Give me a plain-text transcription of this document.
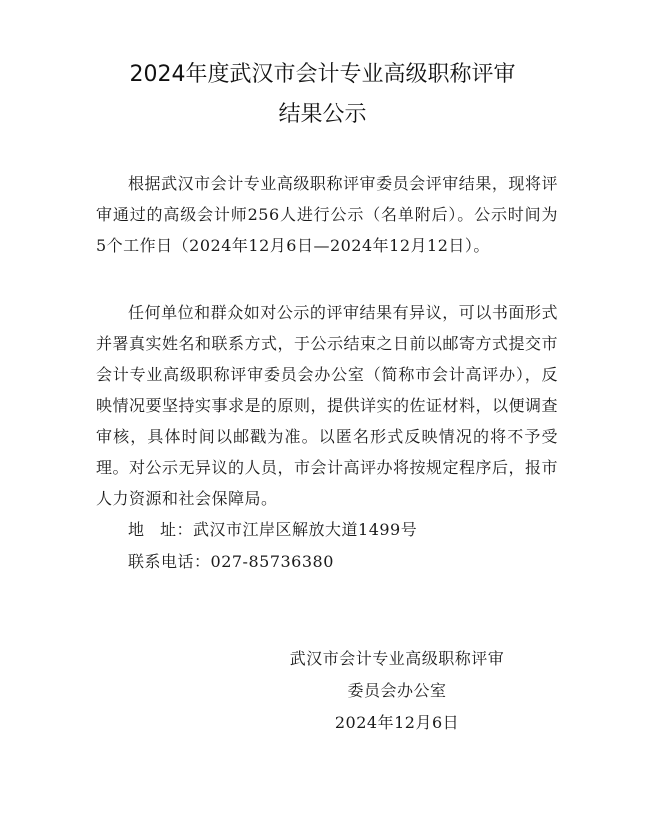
2024年度武汉市会计专业高级职称评审
结果公示

根据武汉市会计专业高级职称评审委员会评审结果，现将评审通过的高级会计师256人进行公示（名单附后）。公示时间为5个工作日（2024年12月6日—2024年12月12日）。

任何单位和群众如对公示的评审结果有异议，可以书面形式并署真实姓名和联系方式，于公示结束之日前以邮寄方式提交市会计专业高级职称评审委员会办公室（简称市会计高评办），反映情况要坚持实事求是的原则，提供详实的佐证材料，以便调查审核，具体时间以邮戳为准。以匿名形式反映情况的将不予受理。对公示无异议的人员，市会计高评办将按规定程序后，报市人力资源和社会保障局。

地 址：武汉市江岸区解放大道1499号
联系电话：027-85736380
武汉市会计专业高级职称评审
委员会办公室
2024年12月6日
